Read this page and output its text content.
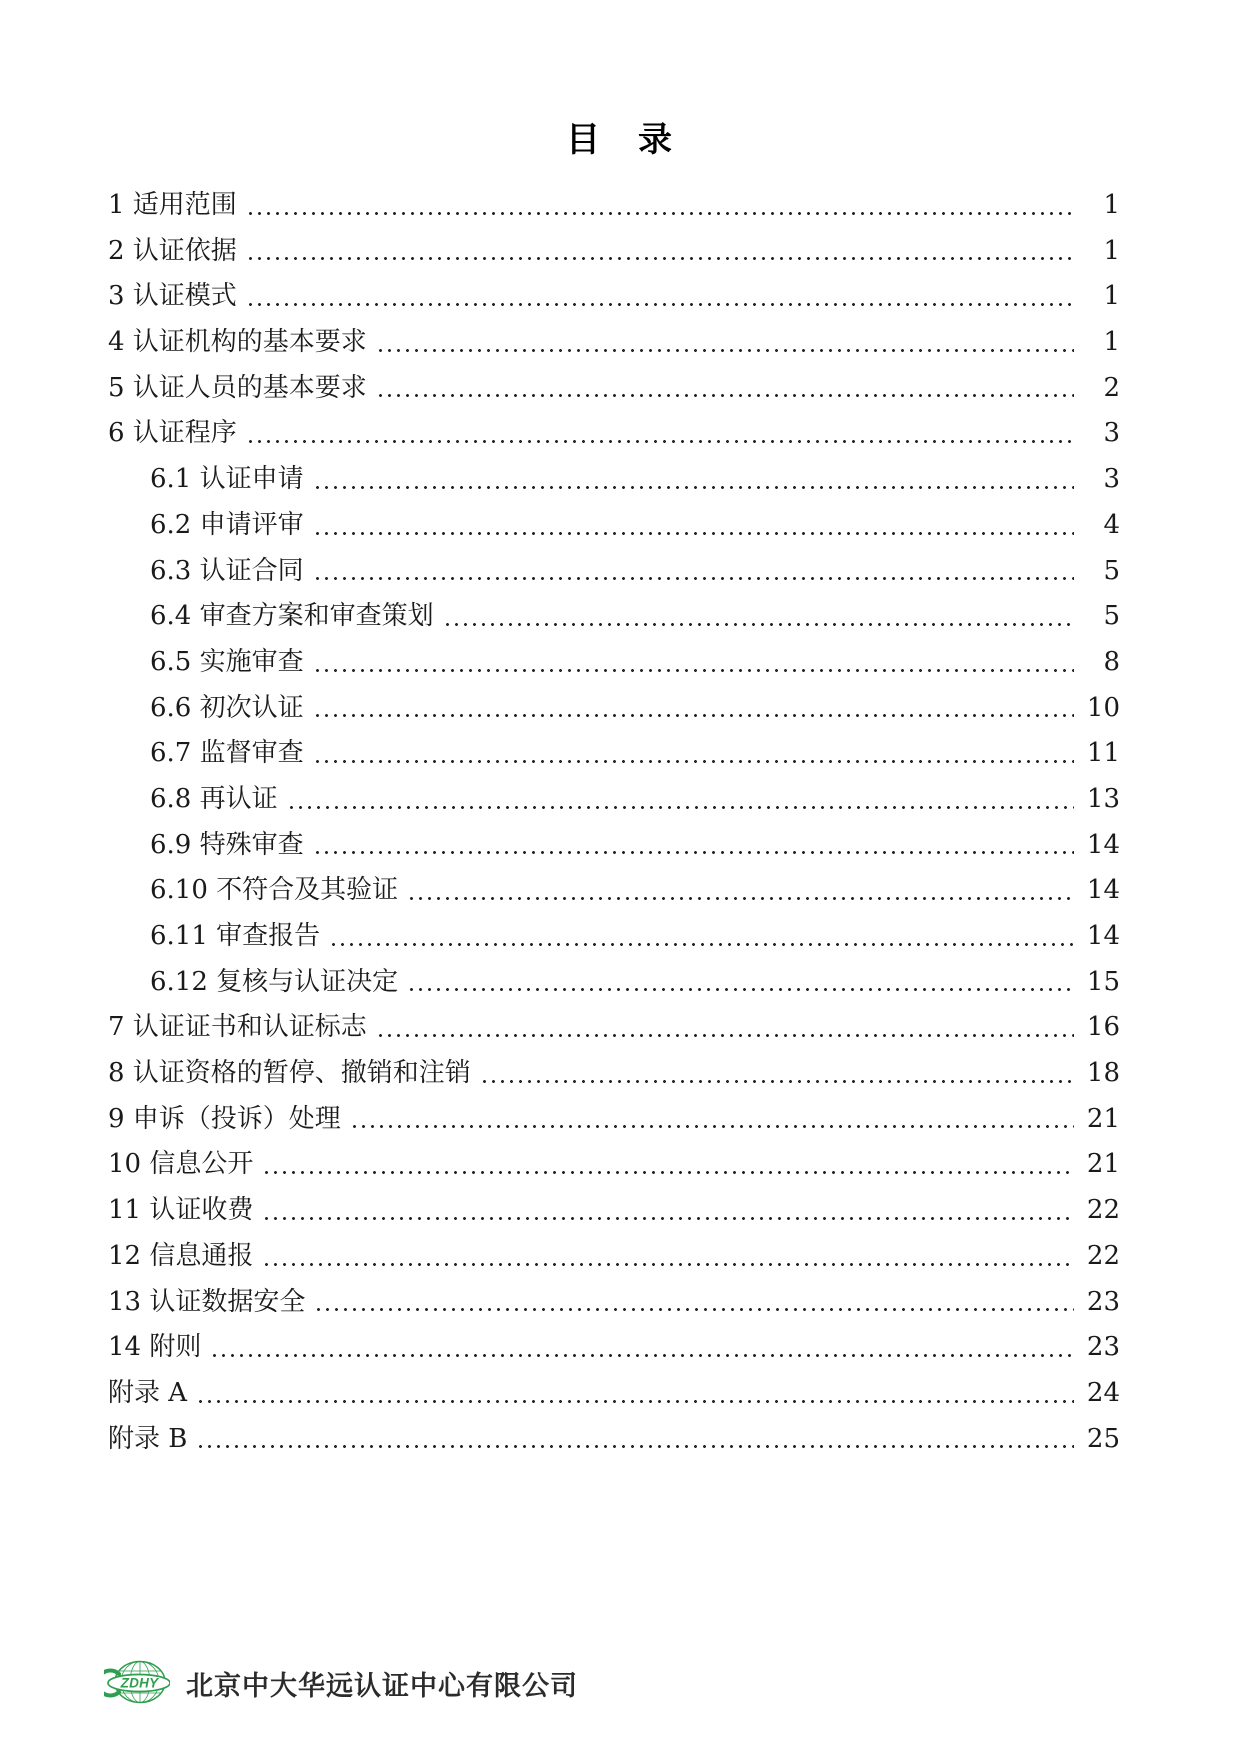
目　录
1 适用范围	1
2 认证依据	1
3 认证模式	1
4 认证机构的基本要求	1
5 认证人员的基本要求	2
6 认证程序	3
6.1 认证申请	3
6.2 申请评审	4
6.3 认证合同	5
6.4 审查方案和审查策划	5
6.5 实施审查	8
6.6 初次认证	10
6.7 监督审查	11
6.8 再认证	13
6.9 特殊审查	14
6.10 不符合及其验证	14
6.11 审查报告	14
6.12 复核与认证决定	15
7 认证证书和认证标志	16
8 认证资格的暂停、撤销和注销	18
9 申诉（投诉）处理	21
10 信息公开	21
11 认证收费	22
12 信息通报	22
13 认证数据安全	23
14 附则	23
附录 A	24
附录 B	25
ZDHY 北京中大华远认证中心有限公司
